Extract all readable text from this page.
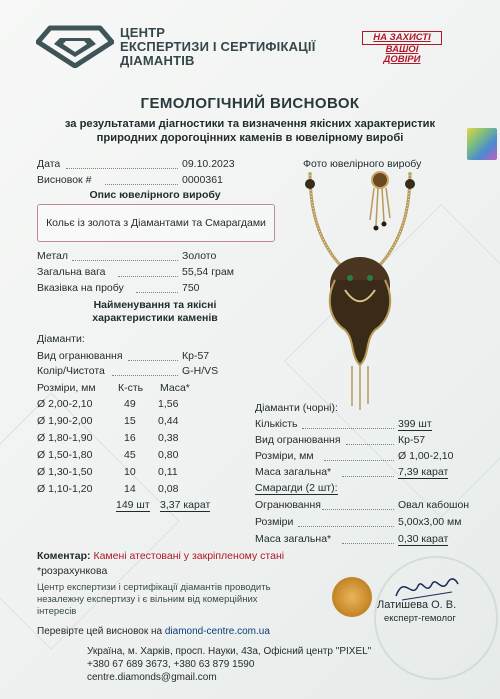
ЦЕНТР
ЕКСПЕРТИЗИ І СЕРТИФІКАЦІЇ
ДІАМАНТІВ
НА ЗАХИСТІ
ВАШОЇ
ДОВІРИ
ГЕМОЛОГІЧНИЙ ВИСНОВОК
за результатами діагностики та визначення якісних характеристик
природних дорогоцінних каменів в ювелірному виробі
Дата	09.10.2023
Висновок #	0000361
Опис ювелірного виробу
Кольє із золота з Діамантами та Смарагдами
Фото ювелірного виробу
Метал	Золото
Загальна вага	55,54 грам
Вказівка на пробу	750
Найменування та якісні
характеристики каменів
Діаманти:
Вид огранювання	Кр-57
Колір/Чистота	G-H/VS
Розміри, мм К-сть Маса*
Ø 2,00-2,10	49 1,56
Ø 1,90-2,00	15 0,44
Ø 1,80-1,90	16 0,38
Ø 1,50-1,80	45 0,80
Ø 1,30-1,50	10 0,11
Ø 1,10-1,20	14 0,08
149 шт 3,37 карат
Діаманти (чорні):
Кількість	399 шт
Вид огранювання	Кр-57
Розміри, мм	Ø 1,00-2,10
Маса загальна*	7,39 карат
Смарагди (2 шт):
Огранювання	Овал кабошон
Розміри	5,00х3,00 мм
Маса загальна*	0,30 карат
Коментар: Камені атестовані у закріпленому стані
*розрахункова
Центр експертизи і сертифікації діамантів проводить
незалежну експертизу і є вільним від комерційних
інтересів
Перевірте цей висновок на diamond-centre.com.ua
Латишева О. В.
експерт-гемолог
Україна, м. Харків, просп. Науки, 43а, Офісний центр "PIXEL"
+380 67 689 3673, +380 63 879 1590
centre.diamonds@gmail.com
